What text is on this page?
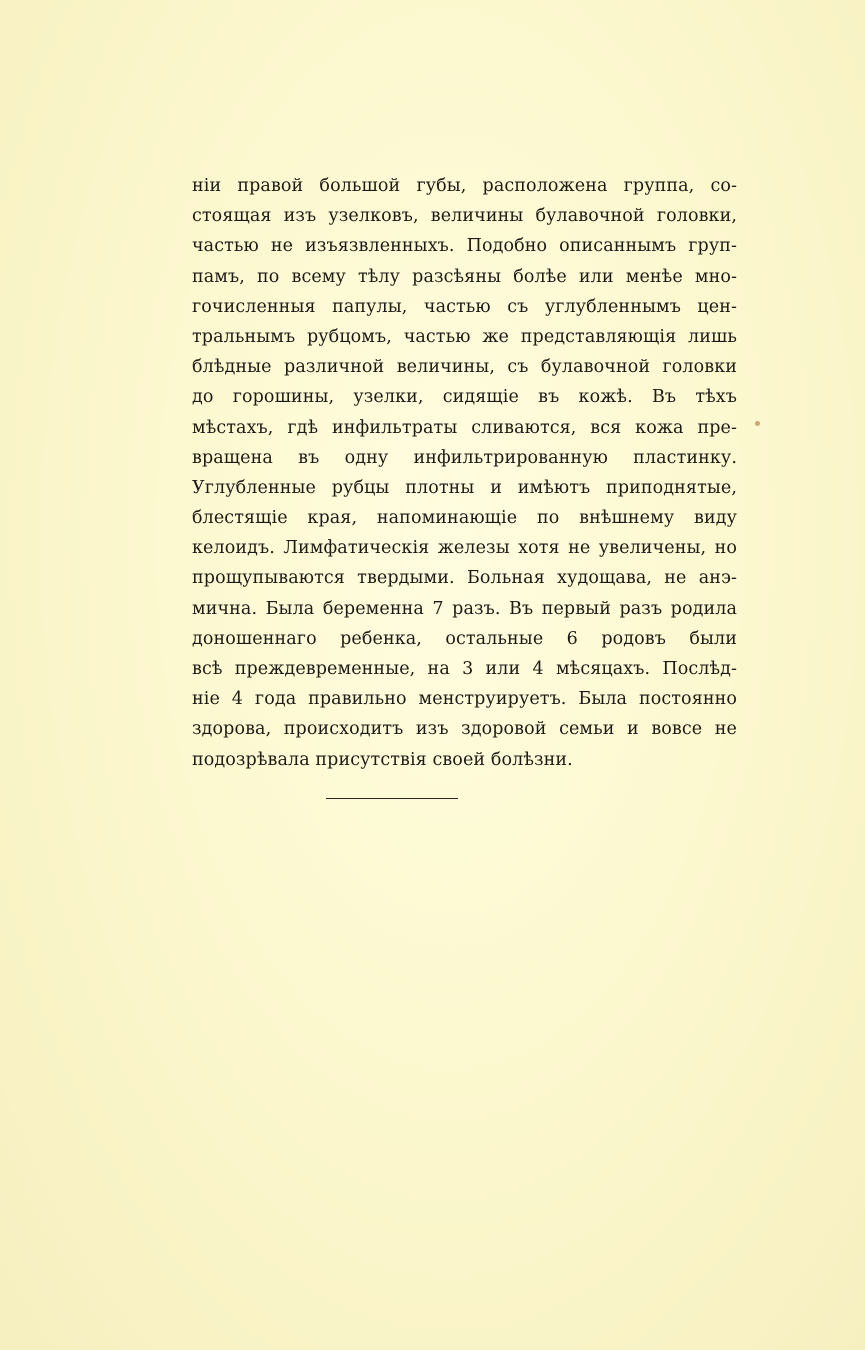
ніи правой большой губы, расположена группа, со-
стоящая изъ узелковъ, величины булавочной головки,
частью не изъязвленныхъ. Подобно описаннымъ груп-
памъ, по всему тѣлу разсѣяны болѣе или менѣе мно-
гочисленныя папулы, частью съ углубленнымъ цен-
тральнымъ рубцомъ, частью же представляющія лишь
блѣдные различной величины, съ булавочной головки
до горошины, узелки, сидящіе въ кожѣ. Въ тѣхъ
мѣстахъ, гдѣ инфильтраты сливаются, вся кожа пре-
вращена въ одну инфильтрированную пластинку.
Углубленные рубцы плотны и имѣютъ приподнятые,
блестящіе края, напоминающіе по внѣшнему виду
келоидъ. Лимфатическія железы хотя не увеличены, но
прощупываются твердыми. Больная худощава, не анэ-
мична. Была беременна 7 разъ. Въ первый разъ родила
доношеннаго ребенка, остальные 6 родовъ были
всѣ преждевременные, на 3 или 4 мѣсяцахъ. Послѣд-
ніе 4 года правильно менструируетъ. Была постоянно
здорова, происходитъ изъ здоровой семьи и вовсе не
подозрѣвала присутствія своей болѣзни.
